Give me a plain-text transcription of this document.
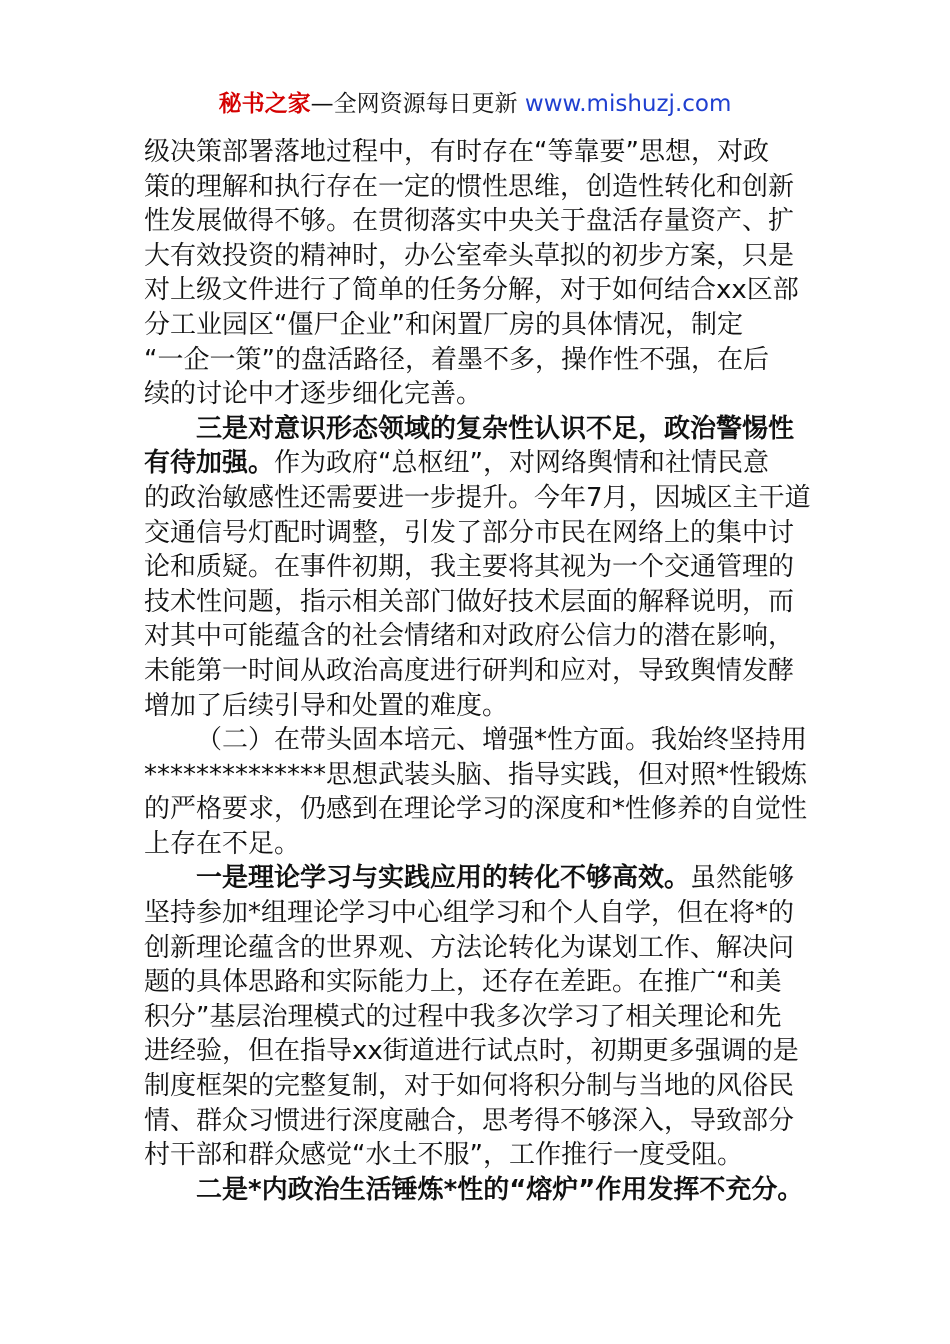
秘书之家—全网资源每日更新 www.mishuzj.com
级决策部署落地过程中，有时存在“等靠要”思想，对政
策的理解和执行存在一定的惯性思维，创造性转化和创新
性发展做得不够。在贯彻落实中央关于盘活存量资产、扩
大有效投资的精神时，办公室牵头草拟的初步方案，只是
对上级文件进行了简单的任务分解，对于如何结合xx区部
分工业园区“僵尸企业”和闲置厂房的具体情况，制定
“一企一策”的盘活路径，着墨不多，操作性不强，在后
续的讨论中才逐步细化完善。
三是对意识形态领域的复杂性认识不足，政治警惕性
有待加强。作为政府“总枢纽”，对网络舆情和社情民意
的政治敏感性还需要进一步提升。今年7月，因城区主干道
交通信号灯配时调整，引发了部分市民在网络上的集中讨
论和质疑。在事件初期，我主要将其视为一个交通管理的
技术性问题，指示相关部门做好技术层面的解释说明，而
对其中可能蕴含的社会情绪和对政府公信力的潜在影响，
未能第一时间从政治高度进行研判和应对，导致舆情发酵
增加了后续引导和处置的难度。
（二）在带头固本培元、增强*性方面。我始终坚持用
**************思想武装头脑、指导实践，但对照*性锻炼
的严格要求，仍感到在理论学习的深度和*性修养的自觉性
上存在不足。
一是理论学习与实践应用的转化不够高效。虽然能够
坚持参加*组理论学习中心组学习和个人自学，但在将*的
创新理论蕴含的世界观、方法论转化为谋划工作、解决问
题的具体思路和实际能力上，还存在差距。在推广“和美
积分”基层治理模式的过程中我多次学习了相关理论和先
进经验，但在指导xx街道进行试点时，初期更多强调的是
制度框架的完整复制，对于如何将积分制与当地的风俗民
情、群众习惯进行深度融合，思考得不够深入，导致部分
村干部和群众感觉“水土不服”，工作推行一度受阻。
二是*内政治生活锤炼*性的“熔炉”作用发挥不充分。
